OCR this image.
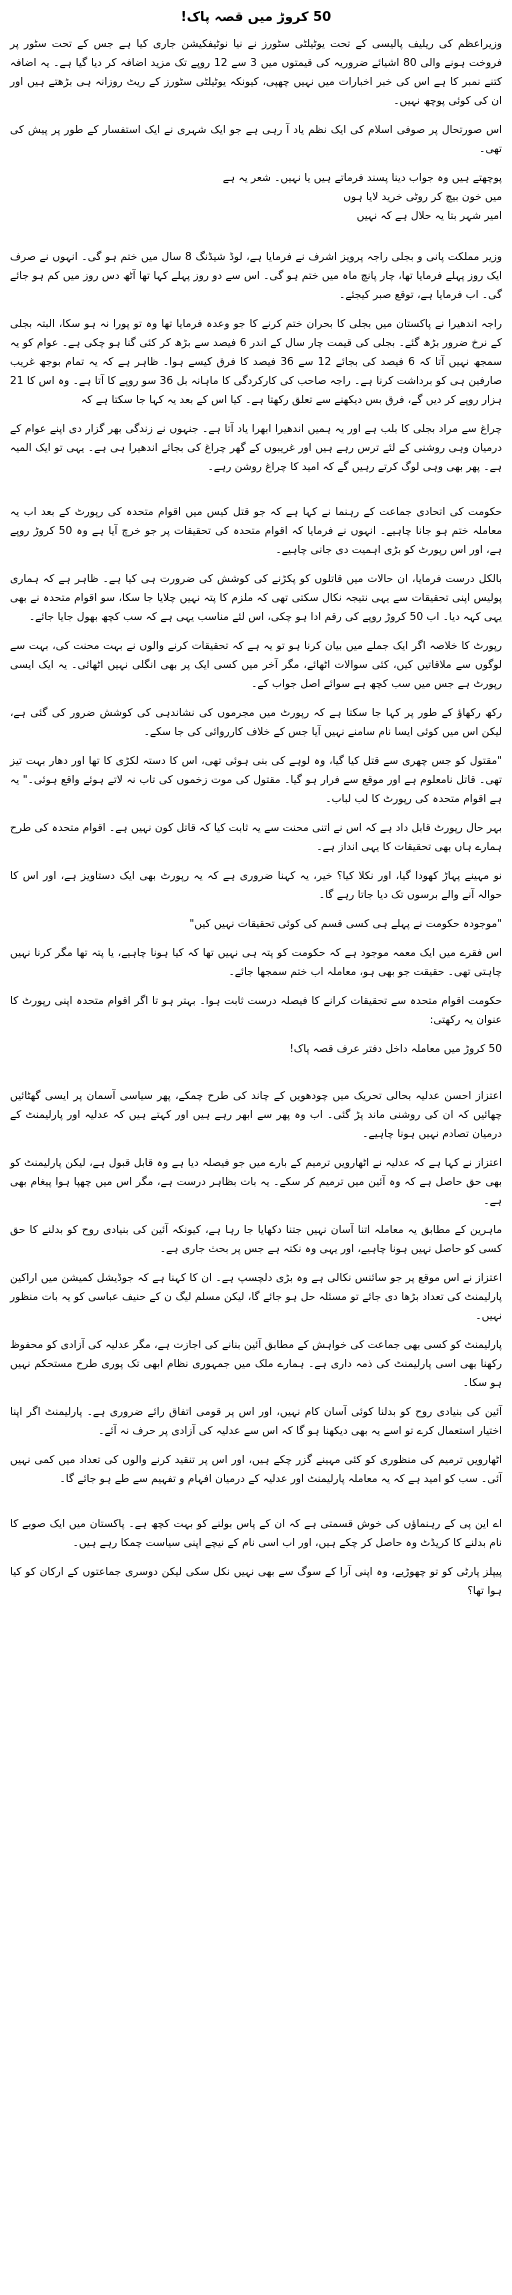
50 کروڑ میں قصہ پاک!

وزیراعظم کی ریلیف پالیسی کے تحت یوٹیلٹی سٹورز نے نیا نوٹیفکیشن جاری کیا ہے جس کے تحت سٹور پر فروخت ہونے والی 80 اشیائے ضروریہ کی قیمتوں میں 3 سے 12 روپے تک مزید اضافہ کر دیا گیا ہے۔ یہ اضافہ کتنے نمبر کا ہے اس کی خبر اخبارات میں نہیں چھپی، کیونکہ یوٹیلٹی سٹورز کے ریٹ روزانہ ہی بڑھتے ہیں اور ان کی کوئی پوچھ نہیں۔

اس صورتحال پر صوفی اسلام کی ایک نظم یاد آ رہی ہے جو ایک شہری نے ایک استفسار کے طور پر پیش کی تھی۔

پوچھتے ہیں وہ جواب دینا پسند فرماتے ہیں یا نہیں۔ شعر یہ ہے
میں خون بیچ کر روٹی خرید لایا ہوں
امیر شہر بتا یہ حلال ہے کہ نہیں

وزیر مملکت پانی و بجلی راجہ پرویز اشرف نے فرمایا ہے، لوڈ شیڈنگ 8 سال میں ختم ہو گی۔ انہوں نے صرف ایک روز پہلے فرمایا تھا، چار پانچ ماہ میں ختم ہو گی۔ اس سے دو روز پہلے کہا تھا آٹھ دس روز میں کم ہو جائے گی۔ اب فرمایا ہے، توقع صبر کیجئے۔

راجہ اندھیرا نے پاکستان میں بجلی کا بحران ختم کرنے کا جو وعدہ فرمایا تھا وہ تو پورا نہ ہو سکا، البتہ بجلی کے نرخ ضرور بڑھ گئے۔ بجلی کی قیمت چار سال کے اندر 6 فیصد سے بڑھ کر کئی گنا ہو چکی ہے۔ عوام کو یہ سمجھ نہیں آتا کہ 6 فیصد کی بجائے 12 سے 36 فیصد کا فرق کیسے ہوا۔ ظاہر ہے کہ یہ تمام بوجھ غریب صارفین ہی کو برداشت کرنا ہے۔ راجہ صاحب کی کارکردگی کا ماہانہ بل 36 سو روپے کا آتا ہے۔ وہ اس کا 21 ہزار روپے کر دیں گے، فرق بس دیکھنے سے تعلق رکھتا ہے۔ کیا اس کے بعد یہ کہا جا سکتا ہے کہ

چراغ سے مراد بجلی کا بلب ہے اور یہ ہمیں اندھیرا ابھرا یاد آتا ہے۔ جنہوں نے زندگی بھر گزار دی اپنے عوام کے درمیان وہی روشنی کے لئے ترس رہے ہیں اور غریبوں کے گھر چراغ کی بجائے اندھیرا ہی ہے۔ یہی تو ایک المیہ ہے۔ پھر بھی وہی لوگ کرتے رہیں گے کہ امید کا چراغ روشن رہے۔

حکومت کی اتحادی جماعت کے رہنما نے کہا ہے کہ جو قتل کیس میں اقوام متحدہ کی رپورٹ کے بعد اب یہ معاملہ ختم ہو جانا چاہیے۔ انہوں نے فرمایا کہ اقوام متحدہ کی تحقیقات پر جو خرچ آیا ہے وہ 50 کروڑ روپے ہے، اور اس رپورٹ کو بڑی اہمیت دی جانی چاہیے۔

بالکل درست فرمایا، ان حالات میں قاتلوں کو پکڑنے کی کوشش کی ضرورت ہی کیا ہے۔ ظاہر ہے کہ ہماری پولیس اپنی تحقیقات سے یہی نتیجہ نکال سکتی تھی کہ ملزم کا پتہ نہیں چلایا جا سکا، سو اقوام متحدہ نے بھی یہی کہہ دیا۔ اب 50 کروڑ روپے کی رقم ادا ہو چکی، اس لئے مناسب یہی ہے کہ سب کچھ بھول جایا جائے۔

رپورٹ کا خلاصہ اگر ایک جملے میں بیان کرنا ہو تو یہ ہے کہ تحقیقات کرنے والوں نے بہت محنت کی، بہت سے لوگوں سے ملاقاتیں کیں، کئی سوالات اٹھائے، مگر آخر میں کسی ایک پر بھی انگلی نہیں اٹھائی۔ یہ ایک ایسی رپورٹ ہے جس میں سب کچھ ہے سوائے اصل جواب کے۔

رکھ رکھاؤ کے طور پر کہا جا سکتا ہے کہ رپورٹ میں مجرموں کی نشاندہی کی کوشش ضرور کی گئی ہے، لیکن اس میں کوئی ایسا نام سامنے نہیں آیا جس کے خلاف کارروائی کی جا سکے۔

"مقتول کو جس چھری سے قتل کیا گیا، وہ لوہے کی بنی ہوئی تھی، اس کا دستہ لکڑی کا تھا اور دھار بہت تیز تھی۔ قاتل نامعلوم ہے اور موقع سے فرار ہو گیا۔ مقتول کی موت زخموں کی تاب نہ لاتے ہوئے واقع ہوئی۔" یہ ہے اقوام متحدہ کی رپورٹ کا لب لباب۔

بہر حال رپورٹ قابل داد ہے کہ اس نے اتنی محنت سے یہ ثابت کیا کہ قاتل کون نہیں ہے۔ اقوام متحدہ کی طرح ہمارے ہاں بھی تحقیقات کا یہی انداز ہے۔

نو مہینے پہاڑ کھودا گیا، اور نکلا کیا؟ خیر، یہ کہنا ضروری ہے کہ یہ رپورٹ بھی ایک دستاویز ہے، اور اس کا حوالہ آنے والے برسوں تک دیا جاتا رہے گا۔

"موجودہ حکومت نے پہلے ہی کسی قسم کی کوئی تحقیقات نہیں کیں"

اس فقرے میں ایک معمہ موجود ہے کہ حکومت کو پتہ ہی نہیں تھا کہ کیا ہونا چاہیے، یا پتہ تھا مگر کرنا نہیں چاہتی تھی۔ حقیقت جو بھی ہو، معاملہ اب ختم سمجھا جائے۔

حکومت اقوام متحدہ سے تحقیقات کرانے کا فیصلہ درست ثابت ہوا۔ بہتر ہو تا اگر اقوام متحدہ اپنی رپورٹ کا عنوان یہ رکھتی:

50 کروڑ میں معاملہ داخل دفتر عرف قصہ پاک!

اعتزاز احسن عدلیہ بحالی تحریک میں چودھویں کے چاند کی طرح چمکے، پھر سیاسی آسمان پر ایسی گھٹائیں چھائیں کہ ان کی روشنی ماند پڑ گئی۔ اب وہ پھر سے ابھر رہے ہیں اور کہتے ہیں کہ عدلیہ اور پارلیمنٹ کے درمیان تصادم نہیں ہونا چاہیے۔

اعتزاز نے کہا ہے کہ عدلیہ نے اٹھارویں ترمیم کے بارے میں جو فیصلہ دیا ہے وہ قابل قبول ہے، لیکن پارلیمنٹ کو بھی حق حاصل ہے کہ وہ آئین میں ترمیم کر سکے۔ یہ بات بظاہر درست ہے، مگر اس میں چھپا ہوا پیغام بھی ہے۔

ماہرین کے مطابق یہ معاملہ اتنا آسان نہیں جتنا دکھایا جا رہا ہے، کیونکہ آئین کی بنیادی روح کو بدلنے کا حق کسی کو حاصل نہیں ہونا چاہیے، اور یہی وہ نکتہ ہے جس پر بحث جاری ہے۔

اعتزاز نے اس موقع پر جو سائنس نکالی ہے وہ بڑی دلچسپ ہے۔ ان کا کہنا ہے کہ جوڈیشل کمیشن میں اراکین پارلیمنٹ کی تعداد بڑھا دی جائے تو مسئلہ حل ہو جائے گا، لیکن مسلم لیگ ن کے حنیف عباسی کو یہ بات منظور نہیں۔

پارلیمنٹ کو کسی بھی جماعت کی خواہش کے مطابق آئین بنانے کی اجازت ہے، مگر عدلیہ کی آزادی کو محفوظ رکھنا بھی اسی پارلیمنٹ کی ذمہ داری ہے۔ ہمارے ملک میں جمہوری نظام ابھی تک پوری طرح مستحکم نہیں ہو سکا۔

آئین کی بنیادی روح کو بدلنا کوئی آسان کام نہیں، اور اس پر قومی اتفاق رائے ضروری ہے۔ پارلیمنٹ اگر اپنا اختیار استعمال کرے تو اسے یہ بھی دیکھنا ہو گا کہ اس سے عدلیہ کی آزادی پر حرف نہ آئے۔

اٹھارویں ترمیم کی منظوری کو کئی مہینے گزر چکے ہیں، اور اس پر تنقید کرنے والوں کی تعداد میں کمی نہیں آئی۔ سب کو امید ہے کہ یہ معاملہ پارلیمنٹ اور عدلیہ کے درمیان افہام و تفہیم سے طے ہو جائے گا۔

اے این پی کے رہنماؤں کی خوش قسمتی ہے کہ ان کے پاس بولنے کو بہت کچھ ہے۔ پاکستان میں ایک صوبے کا نام بدلنے کا کریڈٹ وہ حاصل کر چکے ہیں، اور اب اسی نام کے نیچے اپنی سیاست چمکا رہے ہیں۔

پیپلز پارٹی کو تو چھوڑیے، وہ اپنی آرا کے سوگ سے بھی نہیں نکل سکی لیکن دوسری جماعتوں کے ارکان کو کیا ہوا تھا؟
